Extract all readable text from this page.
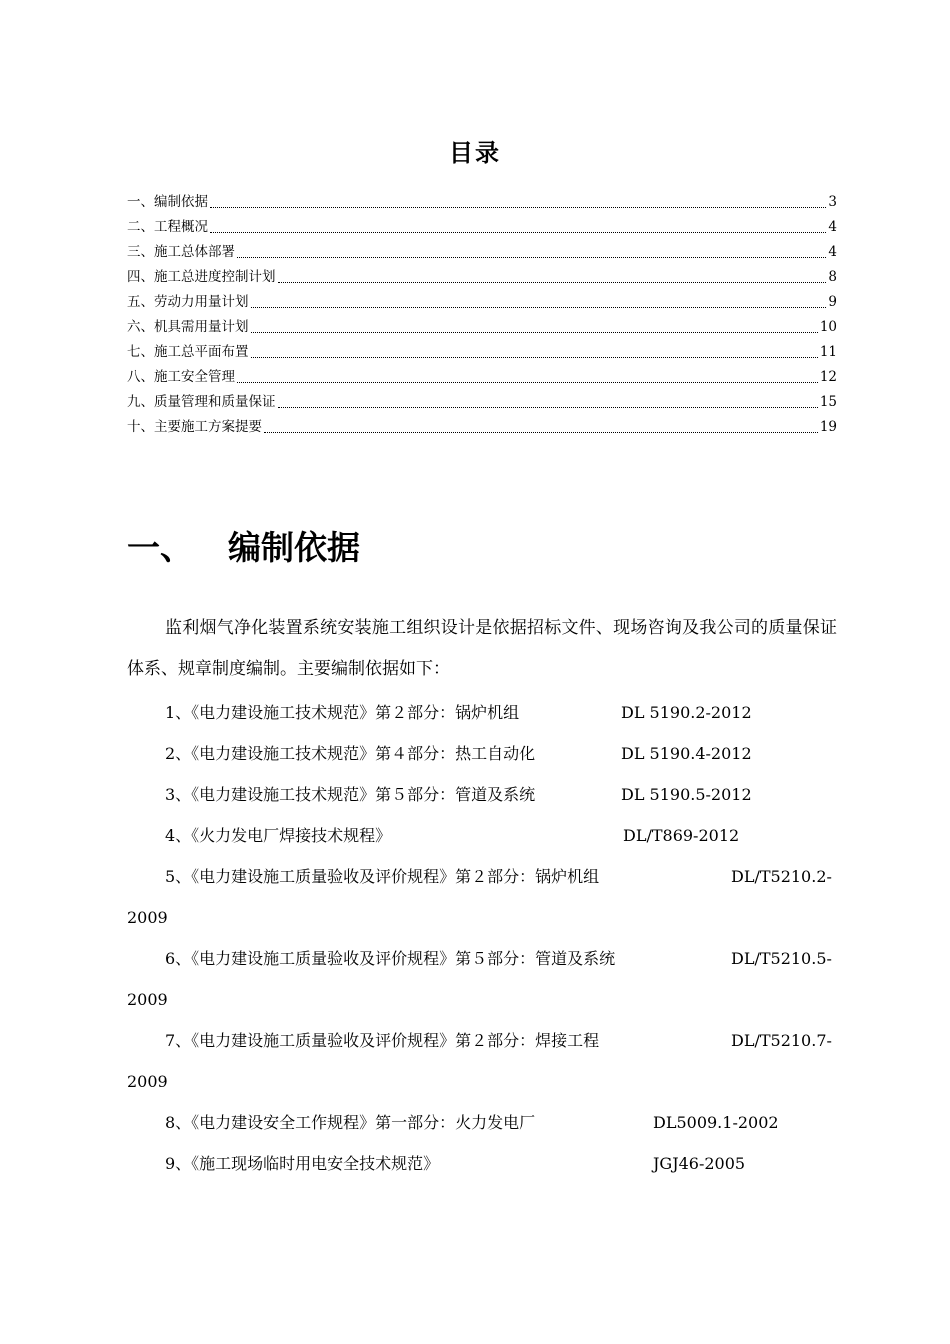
目录
一、编制依据	3
二、工程概况	4
三、施工总体部署	4
四、施工总进度控制计划	8
五、劳动力用量计划	9
六、机具需用量计划	10
七、施工总平面布置	11
八、施工安全管理	12
九、质量管理和质量保证	15
十、主要施工方案提要	19
一、	编制依据
监利烟气净化装置系统安装施工组织设计是依据招标文件、现场咨询及我公司的质量保证体系、规章制度编制。主要编制依据如下：
1、《电力建设施工技术规范》第２部分：锅炉机组	DL 5190.2-2012
2、《电力建设施工技术规范》第４部分：热工自动化	DL 5190.4-2012
3、《电力建设施工技术规范》第５部分：管道及系统	DL 5190.5-2012
4、《火力发电厂焊接技术规程》	DL/T869-2012
5、《电力建设施工质量验收及评价规程》第２部分：锅炉机组	DL/T5210.2-
2009
6、《电力建设施工质量验收及评价规程》第５部分：管道及系统	DL/T5210.5-
2009
7、《电力建设施工质量验收及评价规程》第２部分：焊接工程	DL/T5210.7-
2009
8、《电力建设安全工作规程》第一部分：火力发电厂	DL5009.1-2002
9、《施工现场临时用电安全技术规范》	JGJ46-2005
